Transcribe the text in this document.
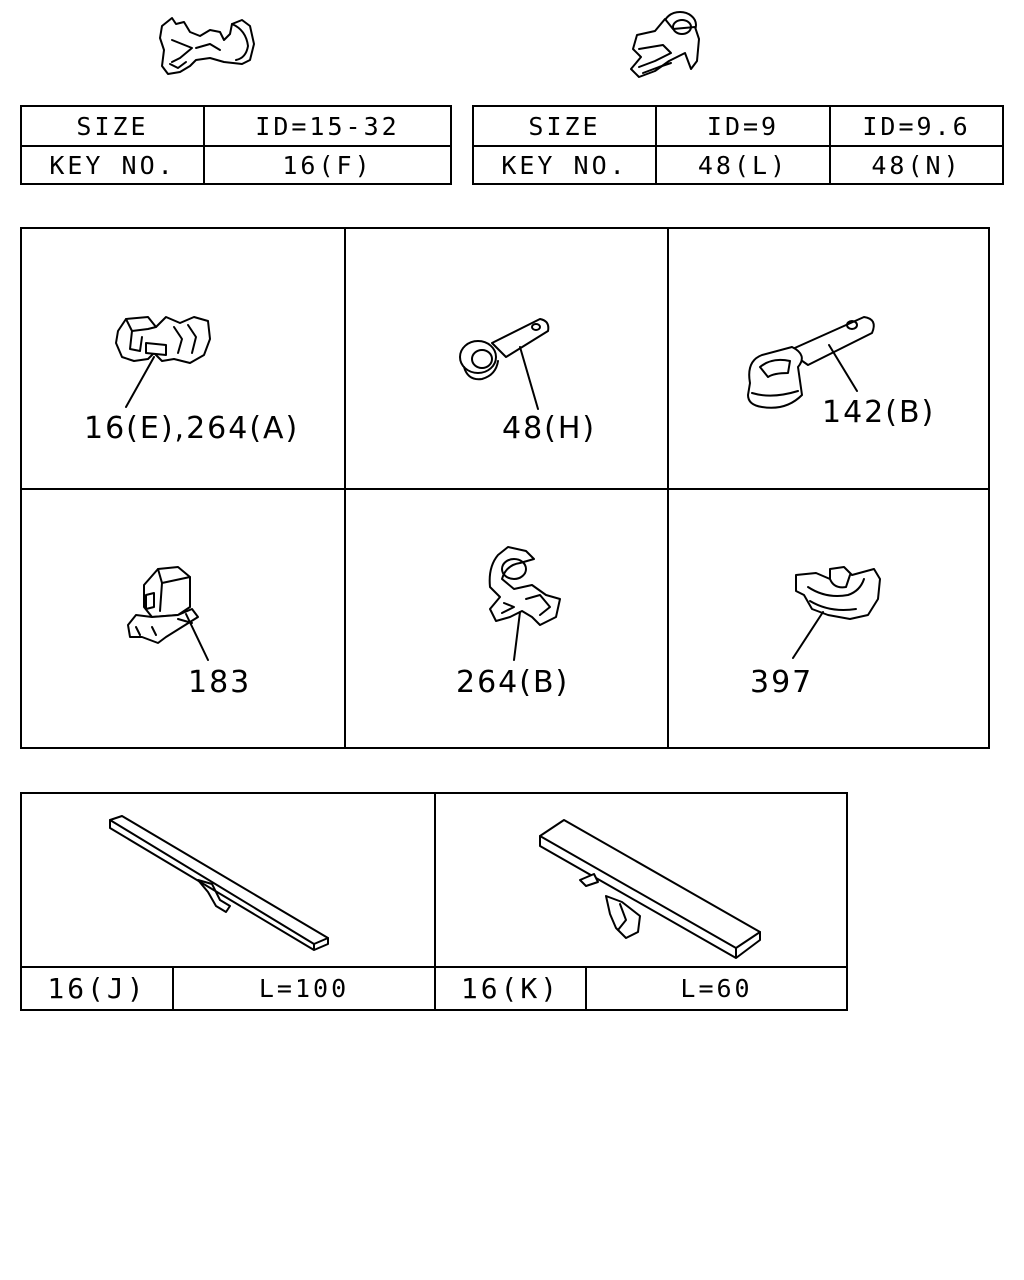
SIZE	ID=15-32
KEY NO.	16(F)
SIZE	ID=9	ID=9.6
KEY NO.	48(L)	48(N)
16(E),264(A)	48(H)	142(B)
183	264(B)	397
16(J)	L=100	16(K)	L=60
